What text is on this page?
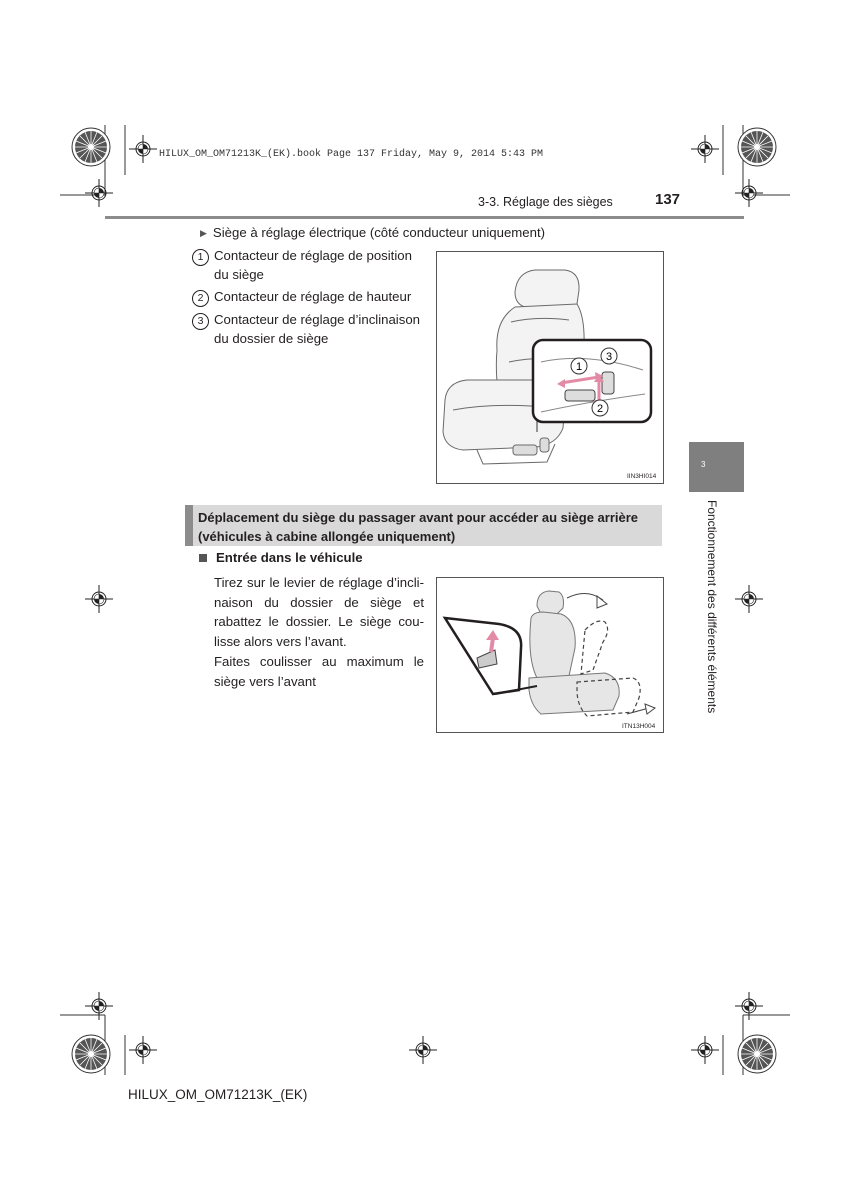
HILUX_OM_OM71213K_(EK).book Page 137 Friday, May 9, 2014 5:43 PM
3-3. Réglage des sièges	137
▶ Siège à réglage électrique (côté conducteur uniquement)
1 Contacteur de réglage de position du siège
2 Contacteur de réglage de hauteur
3 Contacteur de réglage d’inclinaison du dossier de siège
1
3
2
IIN3HI014
Déplacement du siège du passager avant pour accéder au siège arrière (véhicules à cabine allongée uniquement)
Entrée dans le véhicule
Tirez sur le levier de réglage d’inclinaison du dossier de siège et rabattez le dossier. Le siège coulisse alors vers l’avant.
Faites coulisser au maximum le siège vers l’avant
ITN13H004
3
Fonctionnement des différents éléments
HILUX_OM_OM71213K_(EK)
